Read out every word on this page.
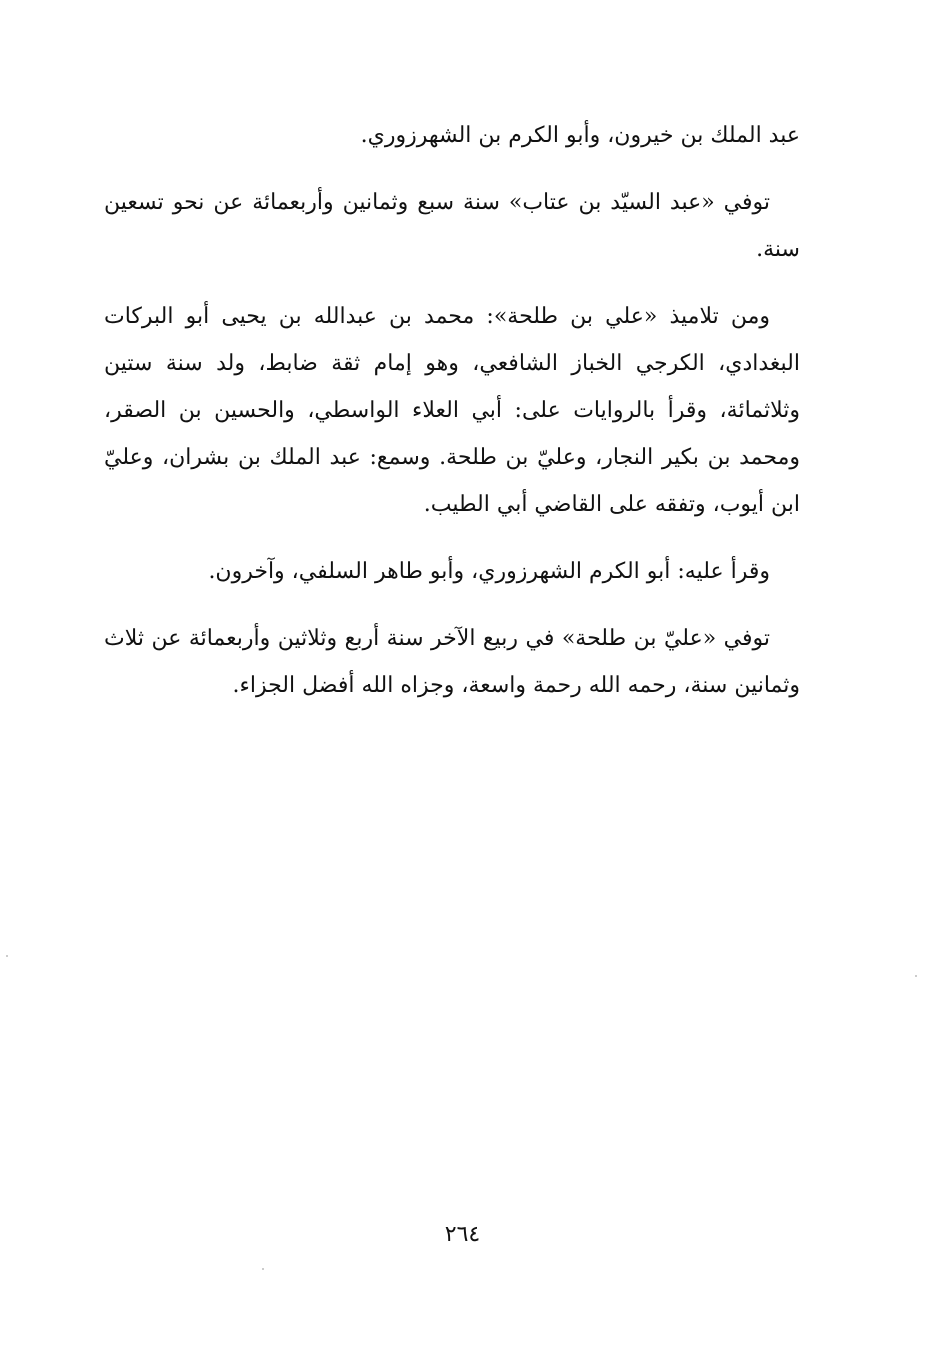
عبد الملك بن خيرون، وأبو الكرم بن الشهرزوري.

توفي «عبد السيّد بن عتاب» سنة سبع وثمانين وأربعمائة عن نحو تسعين سنة.

ومن تلاميذ «علي بن طلحة»: محمد بن عبدالله بن يحيى أبو البركات البغدادي، الكرجي الخباز الشافعي، وهو إمام ثقة ضابط، ولد سنة ستين وثلاثمائة، وقرأ بالروايات على: أبي العلاء الواسطي، والحسين بن الصقر، ومحمد بن بكير النجار، وعليّ بن طلحة. وسمع: عبد الملك بن بشران، وعليّ ابن أيوب، وتفقه على القاضي أبي الطيب.

وقرأ عليه: أبو الكرم الشهرزوري، وأبو طاهر السلفي، وآخرون.

توفي «عليّ بن طلحة» في ربيع الآخر سنة أربع وثلاثين وأربعمائة عن ثلاث وثمانين سنة، رحمه الله رحمة واسعة، وجزاه الله أفضل الجزاء.

٢٦٤
